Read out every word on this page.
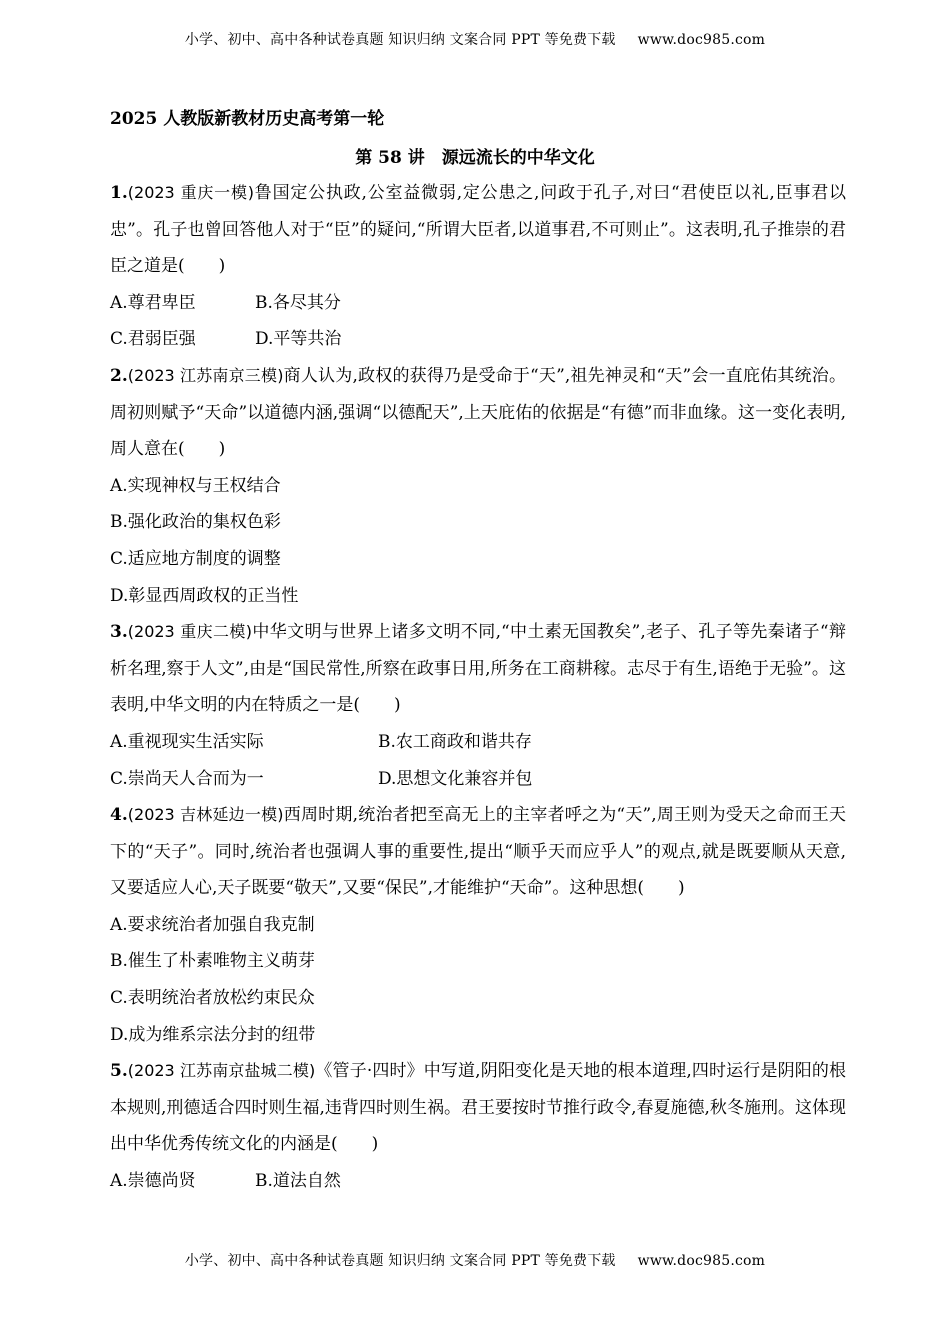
小学、初中、高中各种试卷真题 知识归纳 文案合同 PPT 等免费下载 www.doc985.com
2025 人教版新教材历史高考第一轮
第 58 讲　源远流长的中华文化
1.(2023 重庆一模)鲁国定公执政,公室益微弱,定公患之,问政于孔子,对曰“君使臣以礼,臣事君以忠”。孔子也曾回答他人对于“臣”的疑问,“所谓大臣者,以道事君,不可则止”。这表明,孔子推崇的君臣之道是(　　)
A.尊君卑臣	B.各尽其分
C.君弱臣强	D.平等共治
2.(2023 江苏南京三模)商人认为,政权的获得乃是受命于“天”,祖先神灵和“天”会一直庇佑其统治。周初则赋予“天命”以道德内涵,强调“以德配天”,上天庇佑的依据是“有德”而非血缘。这一变化表明,周人意在(　　)
A.实现神权与王权结合
B.强化政治的集权色彩
C.适应地方制度的调整
D.彰显西周政权的正当性
3.(2023 重庆二模)中华文明与世界上诸多文明不同,“中土素无国教矣”,老子、孔子等先秦诸子“辩析名理,察于人文”,由是“国民常性,所察在政事日用,所务在工商耕稼。志尽于有生,语绝于无验”。这表明,中华文明的内在特质之一是(　　)
A.重视现实生活实际	B.农工商政和谐共存
C.崇尚天人合而为一	D.思想文化兼容并包
4.(2023 吉林延边一模)西周时期,统治者把至高无上的主宰者呼之为“天”,周王则为受天之命而王天下的“天子”。同时,统治者也强调人事的重要性,提出“顺乎天而应乎人”的观点,就是既要顺从天意,又要适应人心,天子既要“敬天”,又要“保民”,才能维护“天命”。这种思想(　　)
A.要求统治者加强自我克制
B.催生了朴素唯物主义萌芽
C.表明统治者放松约束民众
D.成为维系宗法分封的纽带
5.(2023 江苏南京盐城二模)《管子·四时》中写道,阴阳变化是天地的根本道理,四时运行是阴阳的根本规则,刑德适合四时则生福,违背四时则生祸。君王要按时节推行政令,春夏施德,秋冬施刑。这体现出中华优秀传统文化的内涵是(　　)
A.崇德尚贤	B.道法自然
小学、初中、高中各种试卷真题 知识归纳 文案合同 PPT 等免费下载 www.doc985.com
